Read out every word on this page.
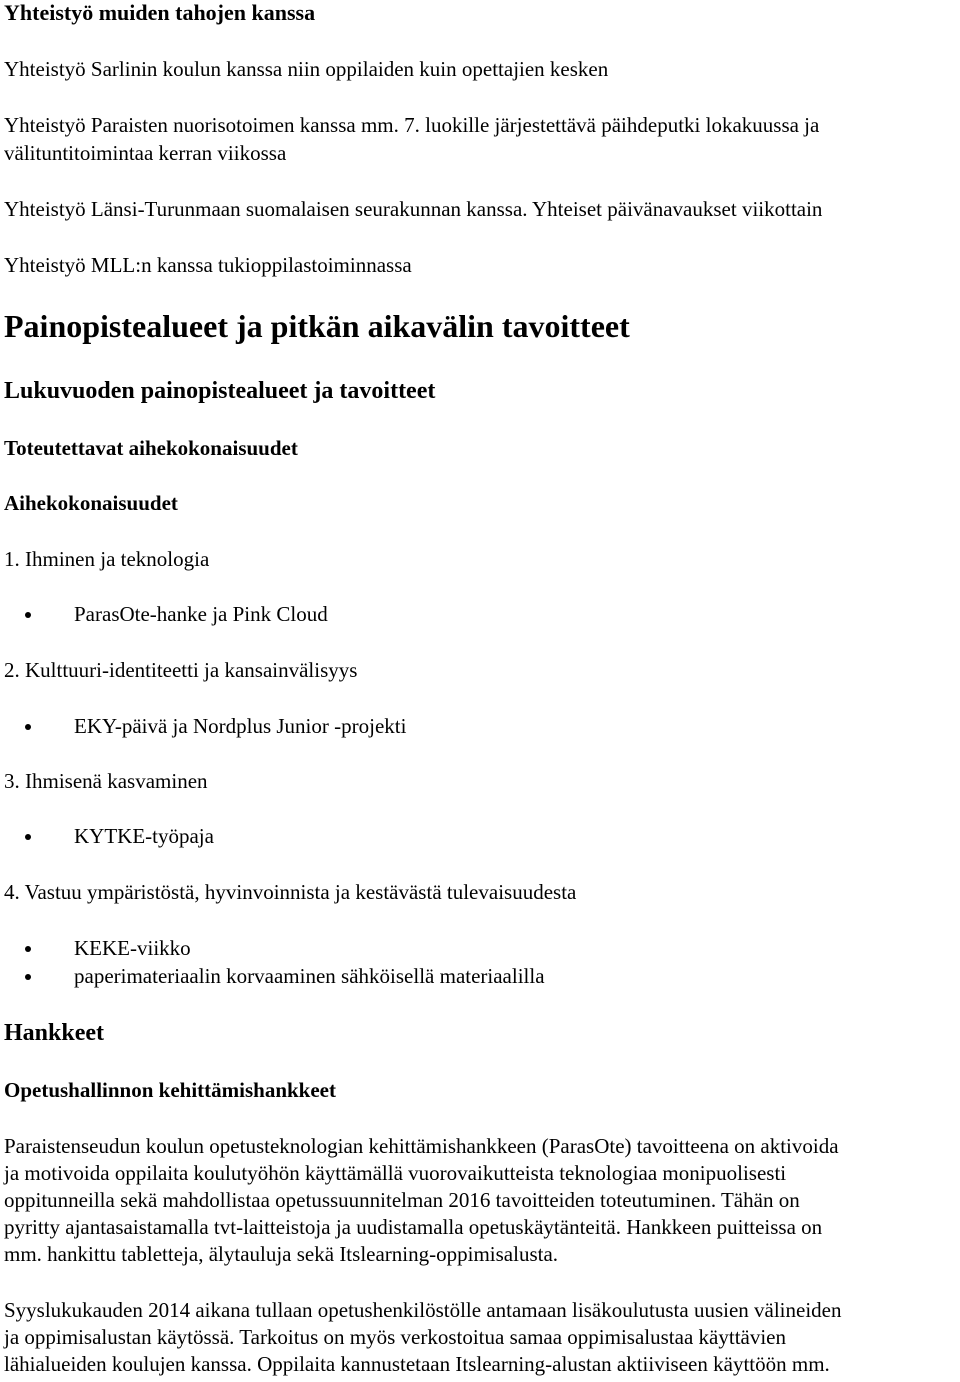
Yhteistyö muiden tahojen kanssa
Yhteistyö Sarlinin koulun kanssa niin oppilaiden kuin opettajien kesken
Yhteistyö Paraisten nuorisotoimen kanssa mm. 7. luokille järjestettävä päihdeputki lokakuussa ja
välituntitoimintaa kerran viikossa
Yhteistyö Länsi-Turunmaan suomalaisen seurakunnan kanssa. Yhteiset päivänavaukset viikottain
Yhteistyö MLL:n kanssa tukioppilastoiminnassa
Painopistealueet ja pitkän aikavälin tavoitteet
Lukuvuoden painopistealueet ja tavoitteet
Toteutettavat aihekokonaisuudet
Aihekokonaisuudet
1. Ihminen ja teknologia
ParasOte-hanke ja Pink Cloud
2. Kulttuuri-identiteetti ja kansainvälisyys
EKY-päivä ja Nordplus Junior -projekti
3. Ihmisenä kasvaminen
KYTKE-työpaja
4. Vastuu ympäristöstä, hyvinvoinnista ja kestävästä tulevaisuudesta
KEKE-viikko
paperimateriaalin korvaaminen sähköisellä materiaalilla
Hankkeet
Opetushallinnon kehittämishankkeet
Paraistenseudun koulun opetusteknologian kehittämishankkeen (ParasOte) tavoitteena on aktivoida
ja motivoida oppilaita koulutyöhön käyttämällä vuorovaikutteista teknologiaa monipuolisesti
oppitunneilla sekä mahdollistaa opetussuunnitelman 2016 tavoitteiden toteutuminen. Tähän on
pyritty ajantasaistamalla tvt-laitteistoja ja uudistamalla opetuskäytänteitä. Hankkeen puitteissa on
mm. hankittu tabletteja, älytauluja sekä Itslearning-oppimisalusta.
Syyslukukauden 2014 aikana tullaan opetushenkilöstölle antamaan lisäkoulutusta uusien välineiden
ja oppimisalustan käytössä. Tarkoitus on myös verkostoitua samaa oppimisalustaa käyttävien
lähialueiden koulujen kanssa. Oppilaita kannustetaan Itslearning-alustan aktiiviseen käyttöön mm.
